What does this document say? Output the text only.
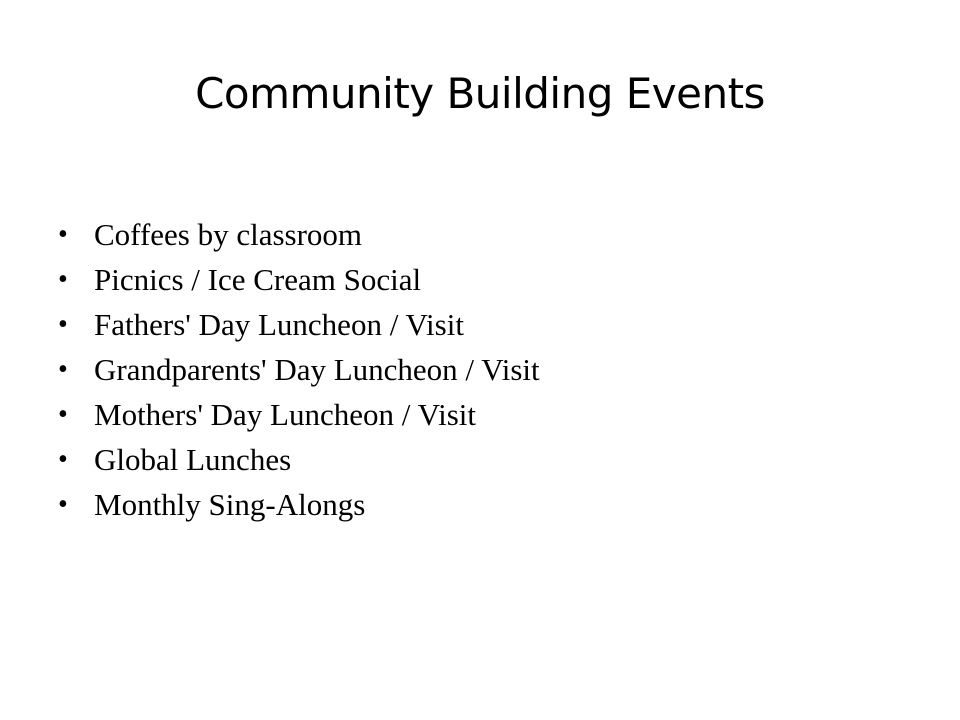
Community Building Events
• Coffees by classroom
• Picnics / Ice Cream Social
• Fathers' Day Luncheon / Visit
• Grandparents' Day Luncheon / Visit
• Mothers' Day Luncheon / Visit
• Global Lunches
• Monthly Sing-Alongs
